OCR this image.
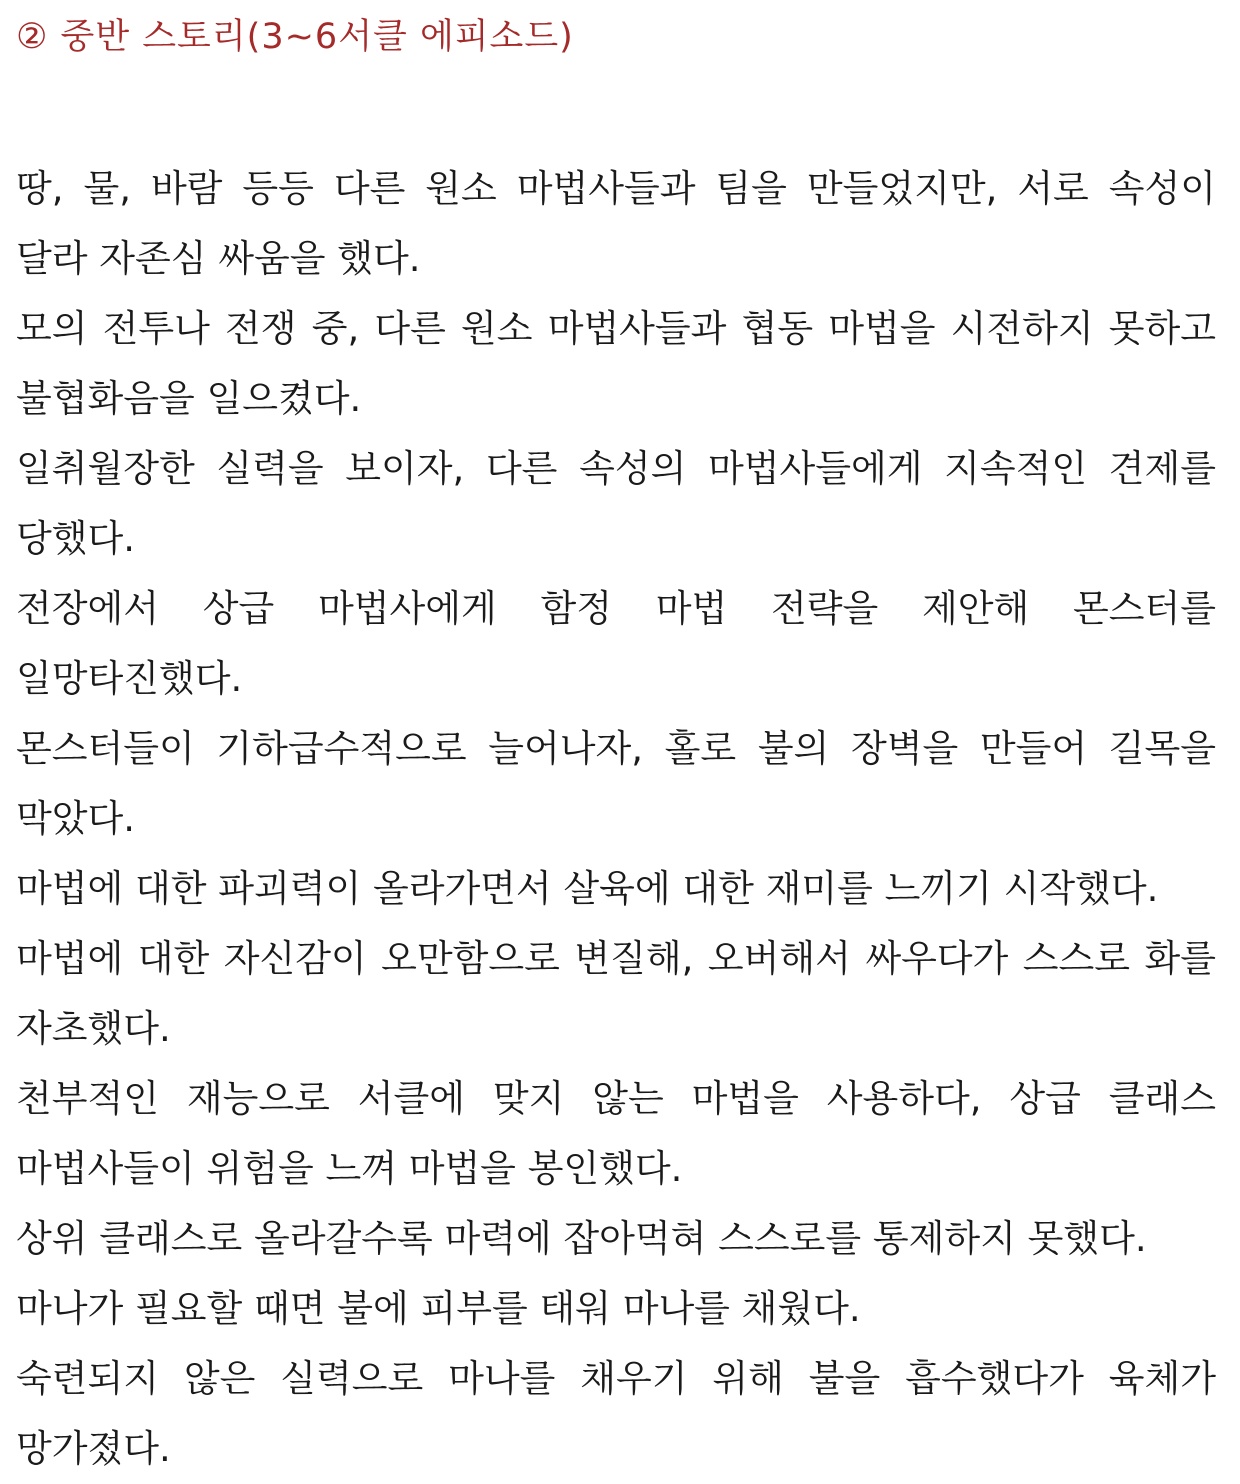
② 중반 스토리(3~6서클 에피소드)

땅, 물, 바람 등등 다른 원소 마법사들과 팀을 만들었지만, 서로 속성이 달라 자존심 싸움을 했다.

모의 전투나 전쟁 중, 다른 원소 마법사들과 협동 마법을 시전하지 못하고 불협화음을 일으켰다.

일취월장한 실력을 보이자, 다른 속성의 마법사들에게 지속적인 견제를 당했다.

전장에서 상급 마법사에게 함정 마법 전략을 제안해 몬스터를 일망타진했다.

몬스터들이 기하급수적으로 늘어나자, 홀로 불의 장벽을 만들어 길목을 막았다.

마법에 대한 파괴력이 올라가면서 살육에 대한 재미를 느끼기 시작했다.

마법에 대한 자신감이 오만함으로 변질해, 오버해서 싸우다가 스스로 화를 자초했다.

천부적인 재능으로 서클에 맞지 않는 마법을 사용하다, 상급 클래스 마법사들이 위험을 느껴 마법을 봉인했다.

상위 클래스로 올라갈수록 마력에 잡아먹혀 스스로를 통제하지 못했다.

마나가 필요할 때면 불에 피부를 태워 마나를 채웠다.

숙련되지 않은 실력으로 마나를 채우기 위해 불을 흡수했다가 육체가 망가졌다.
